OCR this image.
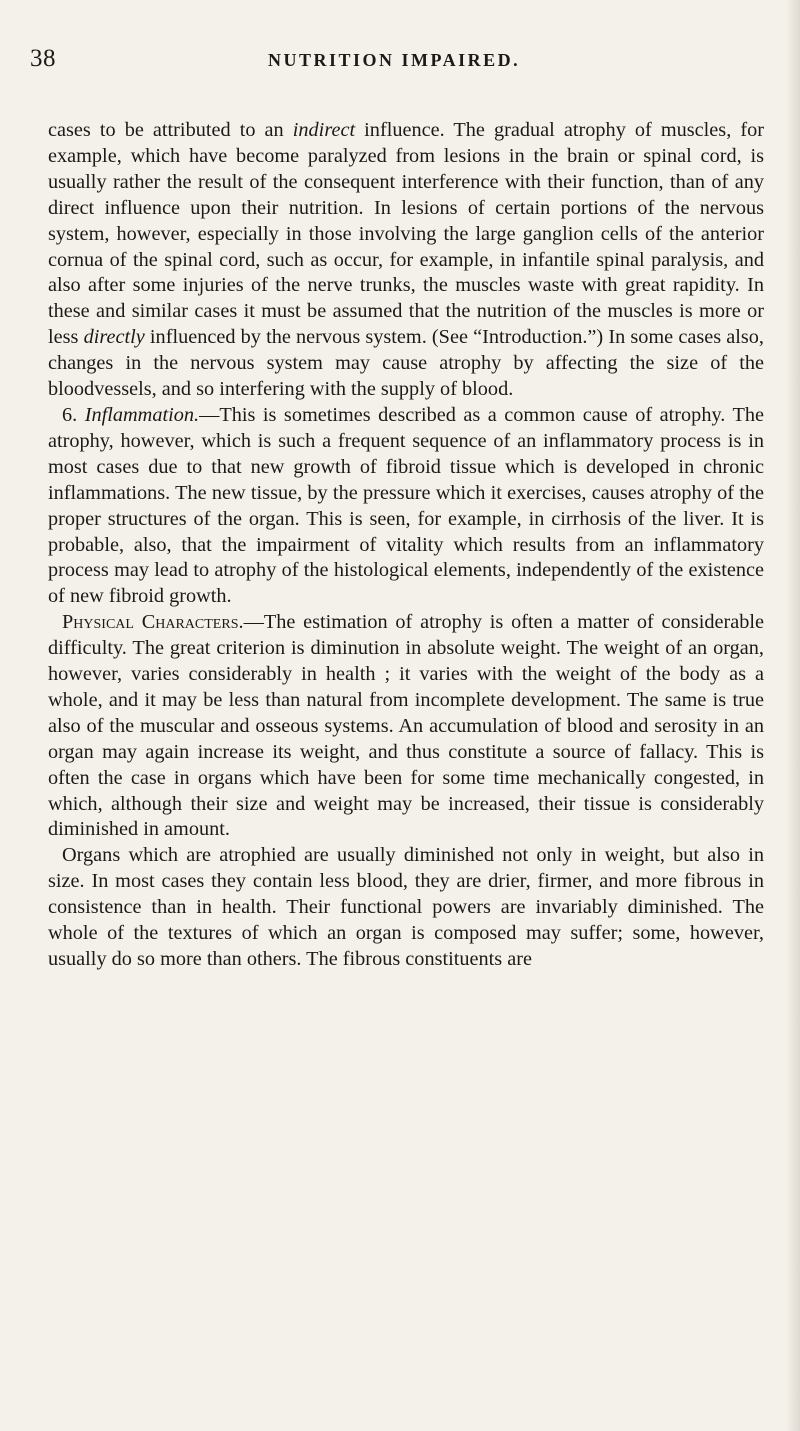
38	NUTRITION IMPAIRED.

cases to be attributed to an indirect influence. The gradual atrophy of muscles, for example, which have become paralyzed from lesions in the brain or spinal cord, is usually rather the result of the consequent interference with their function, than of any direct influence upon their nutrition. In lesions of certain portions of the nervous system, however, especially in those involving the large ganglion cells of the anterior cornua of the spinal cord, such as occur, for example, in infantile spinal paralysis, and also after some injuries of the nerve trunks, the muscles waste with great rapidity. In these and similar cases it must be assumed that the nutrition of the muscles is more or less directly influenced by the nervous system. (See “Introduction.”) In some cases also, changes in the nervous system may cause atrophy by affecting the size of the bloodvessels, and so interfering with the supply of blood.

6. Inflammation.—This is sometimes described as a common cause of atrophy. The atrophy, however, which is such a frequent sequence of an inflammatory process is in most cases due to that new growth of fibroid tissue which is developed in chronic inflammations. The new tissue, by the pressure which it exercises, causes atrophy of the proper structures of the organ. This is seen, for example, in cirrhosis of the liver. It is probable, also, that the impairment of vitality which results from an inflammatory process may lead to atrophy of the histological elements, independently of the existence of new fibroid growth.

Physical Characters.—The estimation of atrophy is often a matter of considerable difficulty. The great criterion is diminution in absolute weight. The weight of an organ, however, varies considerably in health ; it varies with the weight of the body as a whole, and it may be less than natural from incomplete development. The same is true also of the muscular and osseous systems. An accumulation of blood and serosity in an organ may again increase its weight, and thus constitute a source of fallacy. This is often the case in organs which have been for some time mechanically congested, in which, although their size and weight may be increased, their tissue is considerably diminished in amount.

Organs which are atrophied are usually diminished not only in weight, but also in size. In most cases they contain less blood, they are drier, firmer, and more fibrous in consistence than in health. Their functional powers are invariably diminished. The whole of the textures of which an organ is composed may suffer; some, however, usually do so more than others. The fibrous constituents are
